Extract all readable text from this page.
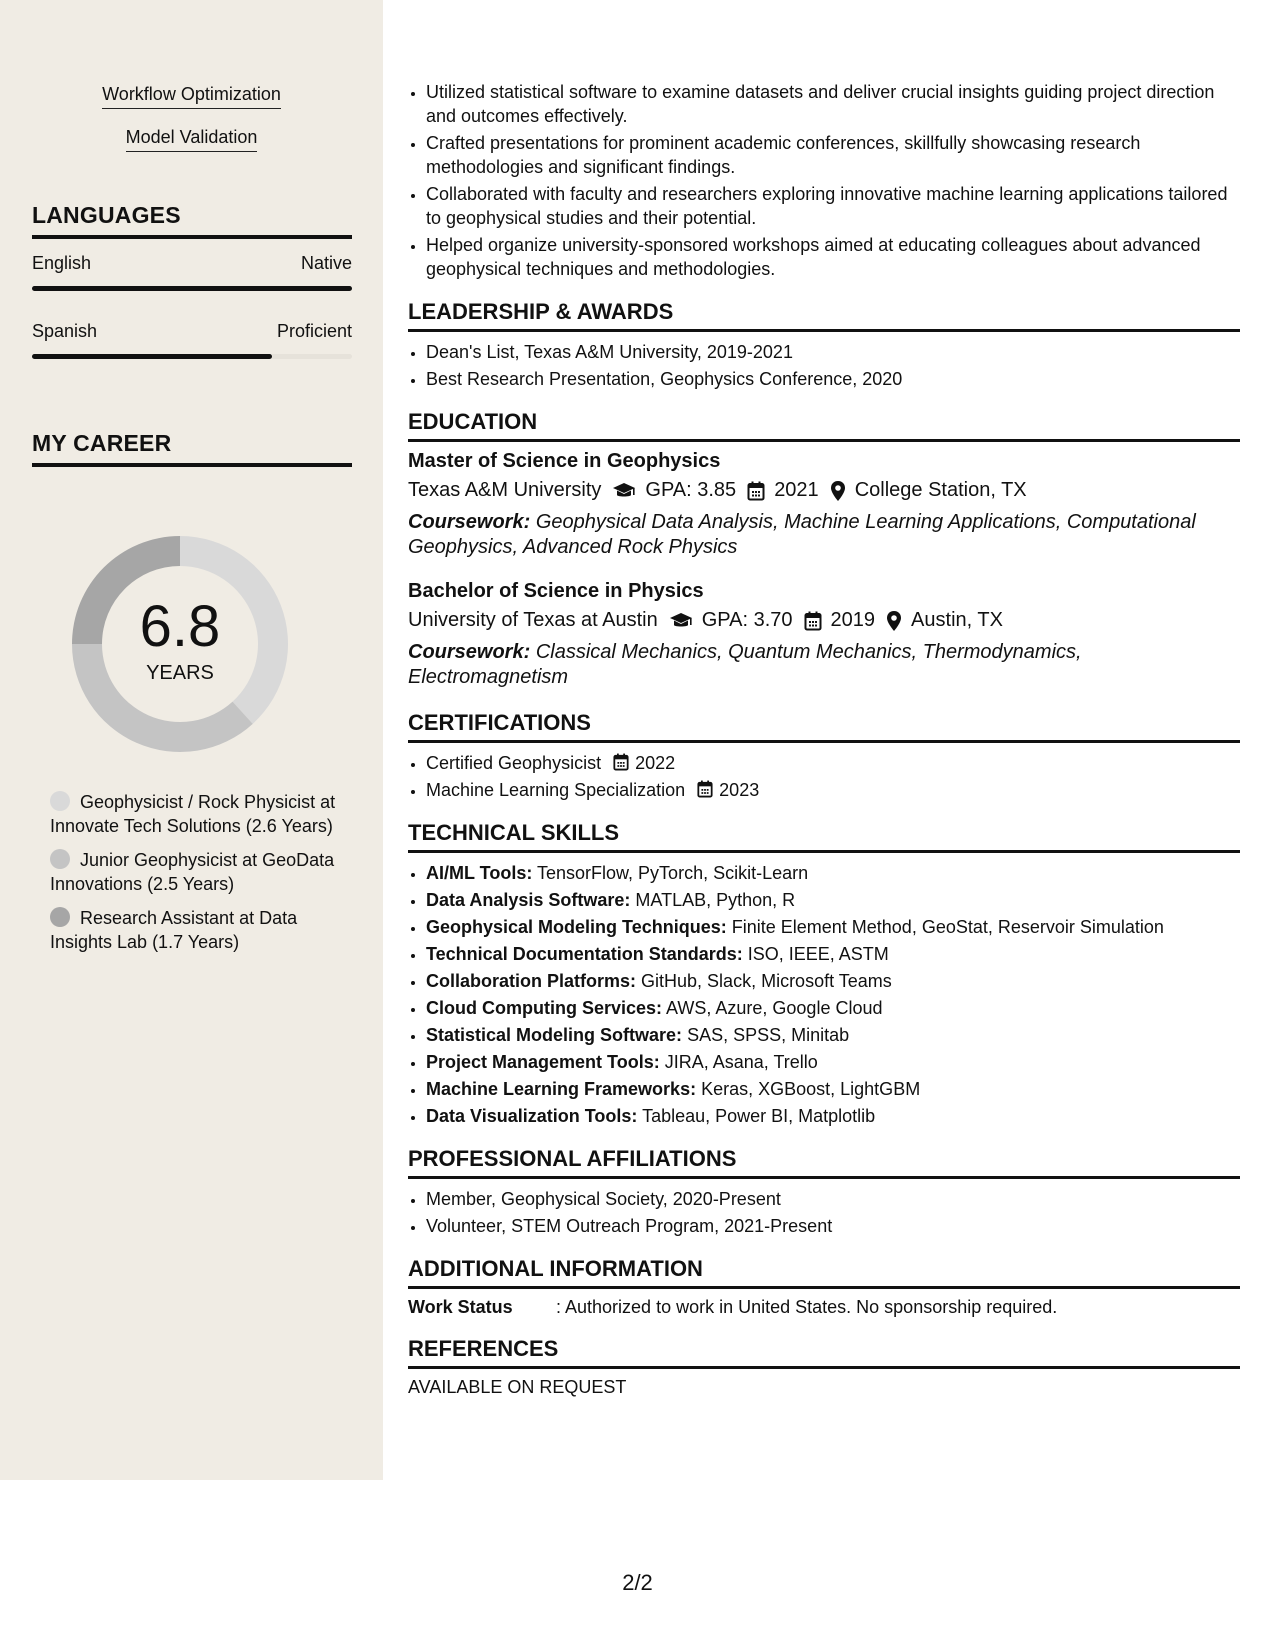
Workflow Optimization
Model Validation
LANGUAGES
English	Native
Spanish	Proficient
MY CAREER
6.8
YEARS
Geophysicist / Rock Physicist at Innovate Tech Solutions (2.6 Years)
Junior Geophysicist at GeoData Innovations (2.5 Years)
Research Assistant at Data Insights Lab (1.7 Years)
• Utilized statistical software to examine datasets and deliver crucial insights guiding project direction and outcomes effectively.
• Crafted presentations for prominent academic conferences, skillfully showcasing research methodologies and significant findings.
• Collaborated with faculty and researchers exploring innovative machine learning applications tailored to geophysical studies and their potential.
• Helped organize university-sponsored workshops aimed at educating colleagues about advanced geophysical techniques and methodologies.
LEADERSHIP & AWARDS
• Dean's List, Texas A&M University, 2019-2021
• Best Research Presentation, Geophysics Conference, 2020
EDUCATION
Master of Science in Geophysics
Texas A&M University GPA: 3.85 2021 College Station, TX
Coursework: Geophysical Data Analysis, Machine Learning Applications, Computational Geophysics, Advanced Rock Physics
Bachelor of Science in Physics
University of Texas at Austin GPA: 3.70 2019 Austin, TX
Coursework: Classical Mechanics, Quantum Mechanics, Thermodynamics, Electromagnetism
CERTIFICATIONS
• Certified Geophysicist 2022
• Machine Learning Specialization 2023
TECHNICAL SKILLS
• AI/ML Tools: TensorFlow, PyTorch, Scikit-Learn
• Data Analysis Software: MATLAB, Python, R
• Geophysical Modeling Techniques: Finite Element Method, GeoStat, Reservoir Simulation
• Technical Documentation Standards: ISO, IEEE, ASTM
• Collaboration Platforms: GitHub, Slack, Microsoft Teams
• Cloud Computing Services: AWS, Azure, Google Cloud
• Statistical Modeling Software: SAS, SPSS, Minitab
• Project Management Tools: JIRA, Asana, Trello
• Machine Learning Frameworks: Keras, XGBoost, LightGBM
• Data Visualization Tools: Tableau, Power BI, Matplotlib
PROFESSIONAL AFFILIATIONS
• Member, Geophysical Society, 2020-Present
• Volunteer, STEM Outreach Program, 2021-Present
ADDITIONAL INFORMATION
Work Status	: Authorized to work in United States. No sponsorship required.
REFERENCES
AVAILABLE ON REQUEST
2/2
